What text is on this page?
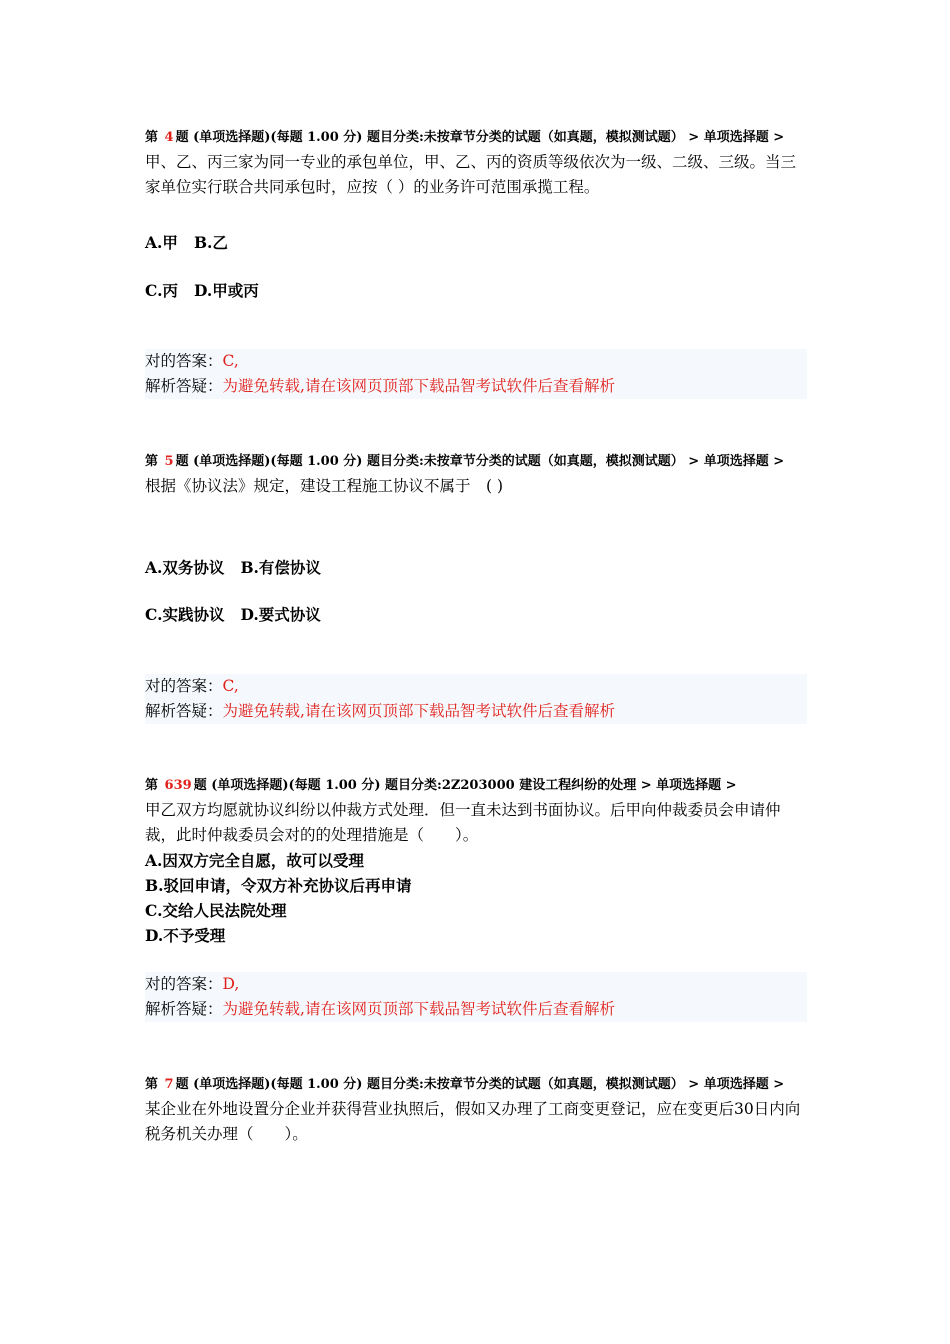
第 4 题 (单项选择题)(每题 1.00 分) 题目分类:未按章节分类的试题（如真题，模拟测试题） > 单项选择题 >
甲、乙、丙三家为同一专业的承包单位，甲、乙、丙的资质等级依次为一级、二级、三级。当三 家单位实行联合共同承包时，应按（ ）的业务许可范围承揽工程。
A.甲 B.乙
C.丙 D.甲或丙
对的答案：C,
解析答疑：为避免转载,请在该网页顶部下载品智考试软件后查看解析
第 5 题 (单项选择题)(每题 1.00 分) 题目分类:未按章节分类的试题（如真题，模拟测试题） > 单项选择题 >
根据《协议法》规定，建设工程施工协议不属于　( )
A.双务协议 B.有偿协议
C.实践协议 D.要式协议
对的答案：C,
解析答疑：为避免转载,请在该网页顶部下载品智考试软件后查看解析
第 639 题 (单项选择题)(每题 1.00 分) 题目分类:2Z203000 建设工程纠纷的处理 > 单项选择题 >
甲乙双方均愿就协议纠纷以仲裁方式处理．但一直未达到书面协议。后甲向仲裁委员会申请仲裁，此时仲裁委员会对的的处理措施是（　　）。
A.因双方完全自愿，故可以受理
B.驳回申请，令双方补充协议后再申请
C.交给人民法院处理
D.不予受理
对的答案：D,
解析答疑：为避免转载,请在该网页顶部下载品智考试软件后查看解析
第 7 题 (单项选择题)(每题 1.00 分) 题目分类:未按章节分类的试题（如真题，模拟测试题） > 单项选择题 >
某企业在外地设置分企业并获得营业执照后，假如又办理了工商变更登记，应在变更后30日内向税务机关办理（　　）。
